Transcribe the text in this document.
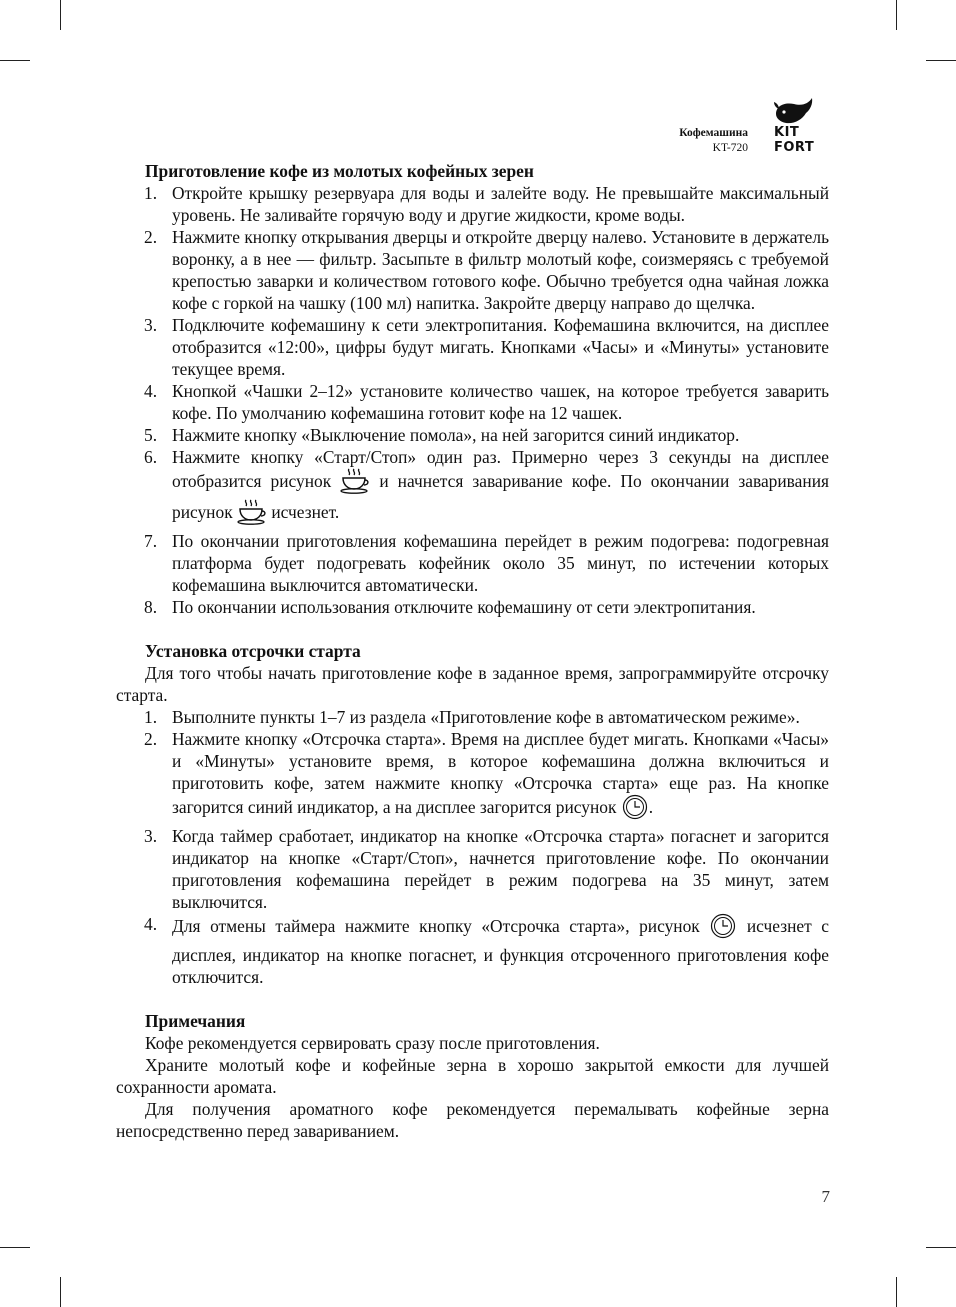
Кофемашина
KT-720
KIT
FORT
Приготовление кофе из молотых кофейных зерен
1. Откройте крышку резервуара для воды и залейте воду. Не превышайте максимальный уровень. Не заливайте горячую воду и другие жидкости, кроме воды.
2. Нажмите кнопку открывания дверцы и откройте дверцу налево. Установите в держатель воронку, а в нее — фильтр. Засыпьте в фильтр молотый кофе, соизмеряясь с требуемой крепостью заварки и количеством готового кофе. Обычно требуется одна чайная ложка кофе с горкой на чашку (100 мл) напитка. Закройте дверцу направо до щелчка.
3. Подключите кофемашину к сети электропитания. Кофемашина включится, на дисплее отобразится «12:00», цифры будут мигать. Кнопками «Часы» и «Минуты» установите текущее время.
4. Кнопкой «Чашки 2–12» установите количество чашек, на которое требуется заварить кофе. По умолчанию кофемашина готовит кофе на 12 чашек.
5. Нажмите кнопку «Выключение помола», на ней загорится синий индикатор.
6. Нажмите кнопку «Старт/Стоп» один раз. Примерно через 3 секунды на дисплее отобразится рисунок	и начнется заваривание кофе. По окончании заваривания рисунок исчезнет.
7. По окончании приготовления кофемашина перейдет в режим подогрева: подогревная платформа будет подогревать кофейник около 35 минут, по истечении которых кофемашина выключится автоматически.
8. По окончании использования отключите кофемашину от сети электропитания.
Установка отсрочки старта

Для того чтобы начать приготовление кофе в заданное время, запрограммируйте отсрочку старта.

1. Выполните пункты 1–7 из раздела «Приготовление кофе в автоматическом режиме».
2. Нажмите кнопку «Отсрочка старта». Время на дисплее будет мигать. Кнопками «Часы» и «Минуты» установите время, в которое кофемашина должна включиться и приготовить кофе, затем нажмите кнопку «Отсрочка старта» еще раз. На кнопке загорится синий индикатор, а на дисплее загорится рисунок .
3. Когда таймер сработает, индикатор на кнопке «Отсрочка старта» погаснет и загорится индикатор на кнопке «Старт/Стоп», начнется приготовление кофе. По окончании приготовления кофемашина перейдет в режим подогрева на 35 минут, затем выключится.
4. Для отмены таймера нажмите кнопку «Отсрочка старта», рисунок	исчезнет с дисплея, индикатор на кнопке погаснет, и функция отсроченного приготовления кофе отключится.
Примечания

Кофе рекомендуется сервировать сразу после приготовления.

Храните молотый кофе и кофейные зерна в хорошо закрытой емкости для лучшей сохранности аромата.

Для получения ароматного кофе рекомендуется перемалывать кофейные зерна непосредственно перед завариванием.

7
